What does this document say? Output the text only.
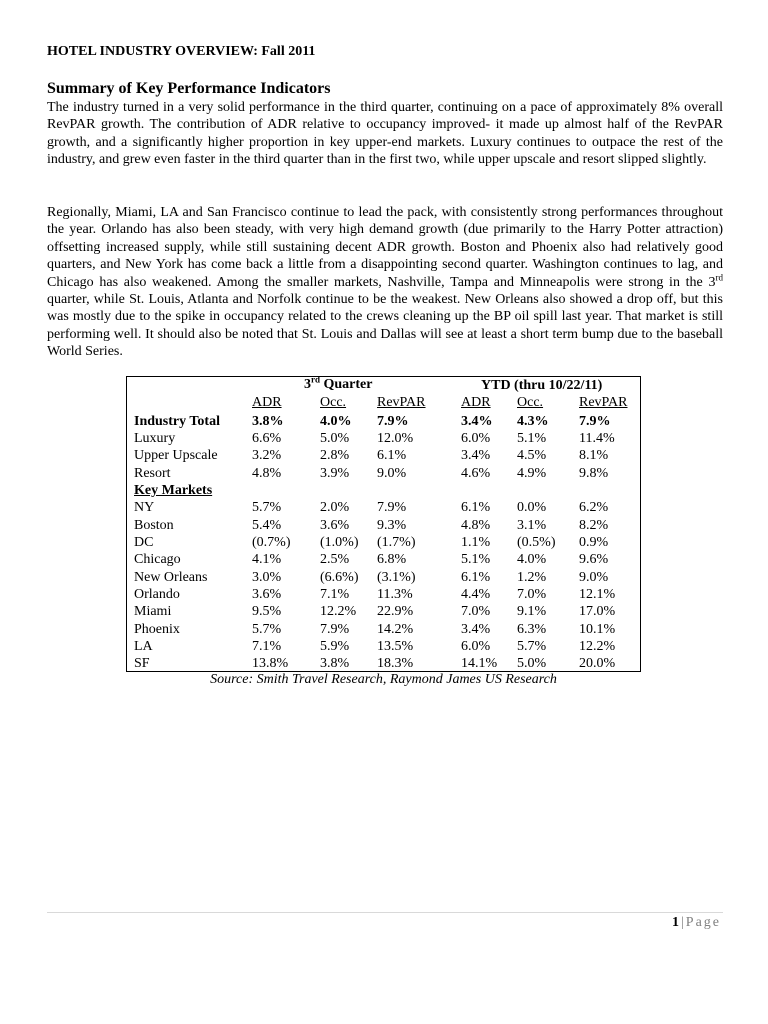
HOTEL INDUSTRY OVERVIEW: Fall 2011
Summary of Key Performance Indicators

The industry turned in a very solid performance in the third quarter, continuing on a pace of approximately 8% overall RevPAR growth. The contribution of ADR relative to occupancy improved- it made up almost half of the RevPAR growth, and a significantly higher proportion in key upper-end markets. Luxury continues to outpace the rest of the industry, and grew even faster in the third quarter than in the first two, while upper upscale and resort slipped slightly.

Regionally, Miami, LA and San Francisco continue to lead the pack, with consistently strong performances throughout the year. Orlando has also been steady, with very high demand growth (due primarily to the Harry Potter attraction) offsetting increased supply, while still sustaining decent ADR growth. Boston and Phoenix also had relatively good quarters, and New York has come back a little from a disappointing second quarter. Washington continues to lag, and Chicago has also weakened. Among the smaller markets, Nashville, Tampa and Minneapolis were strong in the 3rd quarter, while St. Louis, Atlanta and Norfolk continue to be the weakest. New Orleans also showed a drop off, but this was mostly due to the spike in occupancy related to the crews cleaning up the BP oil spill last year. That market is still performing well. It should also be noted that St. Louis and Dallas will see at least a short term bump due to the baseball World Series.

3rd Quarter	YTD (thru 10/22/11)
ADR	Occ. RevPAR	ADR Occ.	RevPAR
Industry Total 3.8%	4.0% 7.9%	3.4% 4.3% 7.9%
Luxury	6.6%	5.0% 12.0%	6.0% 5.1% 11.4%
Upper Upscale 3.2%	2.8% 6.1%	3.4% 4.5% 8.1%
Resort	4.8%	3.9% 9.0%	4.6% 4.9% 9.8%
Key Markets
NY	5.7%	2.0% 7.9%	6.1% 0.0% 6.2%
Boston	5.4%	3.6% 9.3%	4.8% 3.1% 8.2%
DC	(0.7%) (1.0%) (1.7%)	1.1% (0.5%) 0.9%
Chicago	4.1%	2.5% 6.8%	5.1% 4.0% 9.6%
New Orleans	3.0%	(6.6%) (3.1%)	6.1% 1.2% 9.0%
Orlando	3.6%	7.1% 11.3%	4.4% 7.0% 12.1%
Miami	9.5%	12.2% 22.9%	7.0% 9.1% 17.0%
Phoenix	5.7%	7.9% 14.2%	3.4% 6.3% 10.1%
LA	7.1%	5.9% 13.5%	6.0% 5.7% 12.2%
SF	13.8% 3.8% 18.3%	14.1% 5.0% 20.0%
Source: Smith Travel Research, Raymond James US Research
1 | Page
